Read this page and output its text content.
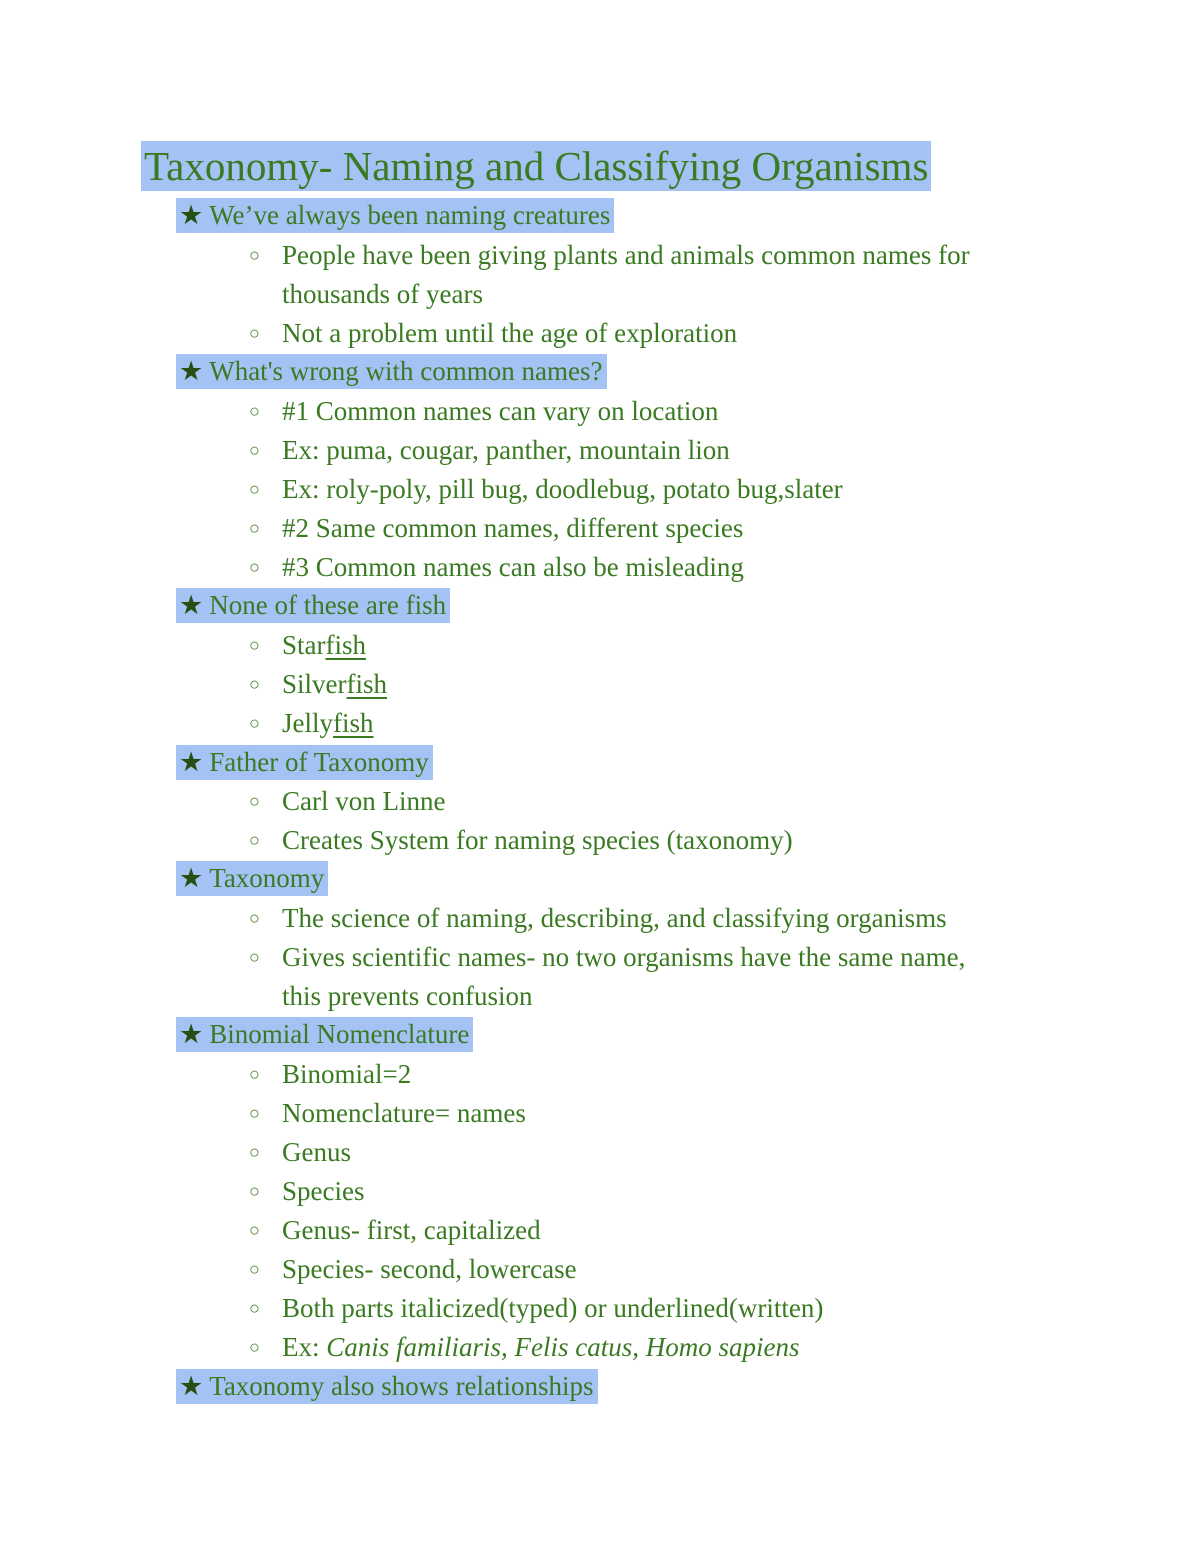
Taxonomy- Naming and Classifying Organisms
★ We’ve always been naming creatures
○ People have been giving plants and animals common names for
thousands of years
○ Not a problem until the age of exploration
★ What's wrong with common names?
○ #1 Common names can vary on location
○ Ex: puma, cougar, panther, mountain lion
○ Ex: roly-poly, pill bug, doodlebug, potato bug,slater
○ #2 Same common names, different species
○ #3 Common names can also be misleading
★ None of these are fish
○ Starfish
○ Silverfish
○ Jellyfish
★ Father of Taxonomy
○ Carl von Linne
○ Creates System for naming species (taxonomy)
★ Taxonomy
○ The science of naming, describing, and classifying organisms
○ Gives scientific names- no two organisms have the same name,
this prevents confusion
★ Binomial Nomenclature
○ Binomial=2
○ Nomenclature= names
○ Genus
○ Species
○ Genus- first, capitalized
○ Species- second, lowercase
○ Both parts italicized(typed) or underlined(written)
○ Ex: Canis familiaris, Felis catus, Homo sapiens
★ Taxonomy also shows relationships
